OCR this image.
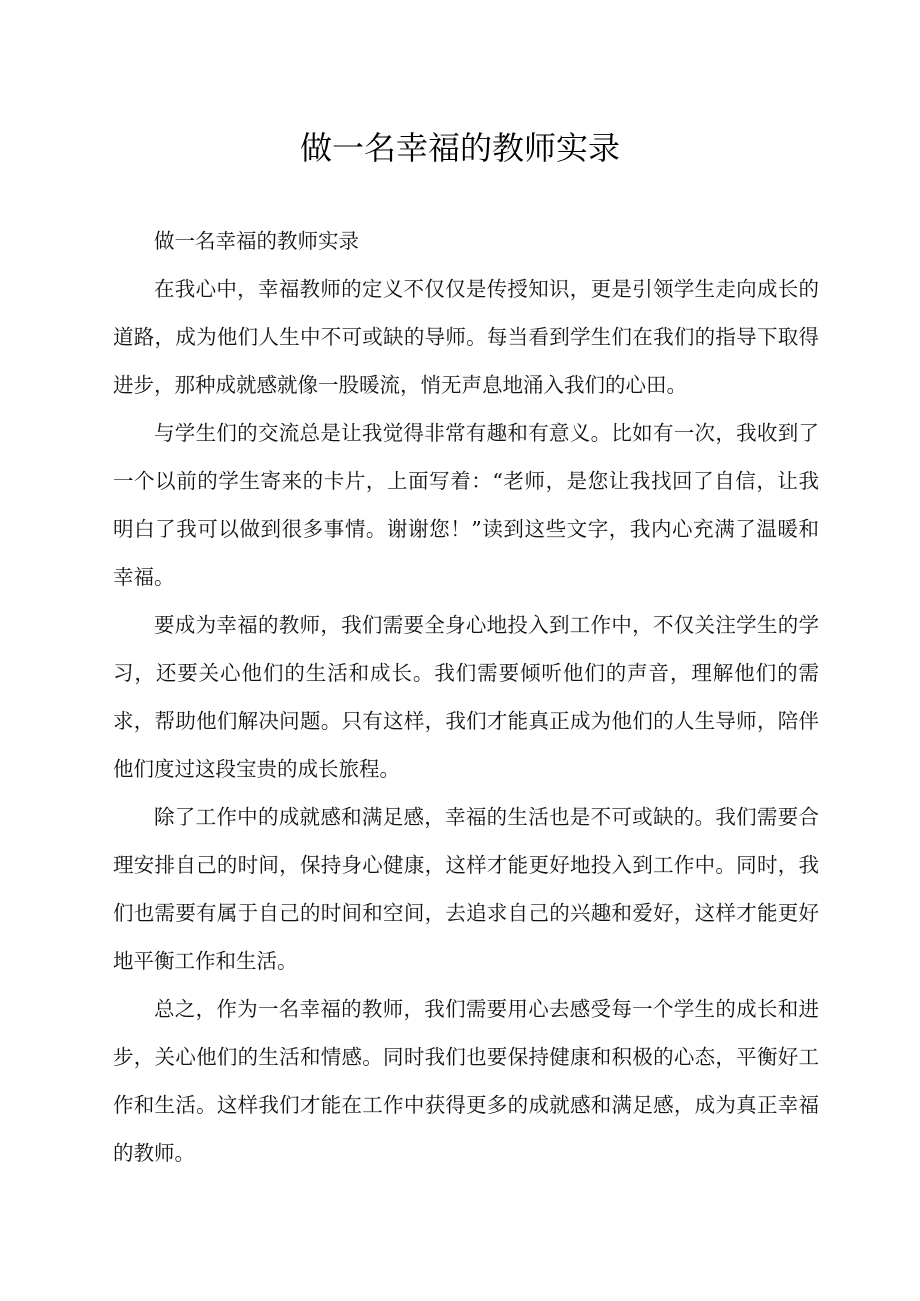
做一名幸福的教师实录

做一名幸福的教师实录

在我心中，幸福教师的定义不仅仅是传授知识，更是引领学生走向成长的道路，成为他们人生中不可或缺的导师。每当看到学生们在我们的指导下取得进步，那种成就感就像一股暖流，悄无声息地涌入我们的心田。

与学生们的交流总是让我觉得非常有趣和有意义。比如有一次，我收到了一个以前的学生寄来的卡片，上面写着：“老师，是您让我找回了自信，让我明白了我可以做到很多事情。谢谢您！”读到这些文字，我内心充满了温暖和幸福。

要成为幸福的教师，我们需要全身心地投入到工作中，不仅关注学生的学习，还要关心他们的生活和成长。我们需要倾听他们的声音，理解他们的需求，帮助他们解决问题。只有这样，我们才能真正成为他们的人生导师，陪伴他们度过这段宝贵的成长旅程。

除了工作中的成就感和满足感，幸福的生活也是不可或缺的。我们需要合理安排自己的时间，保持身心健康，这样才能更好地投入到工作中。同时，我们也需要有属于自己的时间和空间，去追求自己的兴趣和爱好，这样才能更好地平衡工作和生活。

总之，作为一名幸福的教师，我们需要用心去感受每一个学生的成长和进步，关心他们的生活和情感。同时我们也要保持健康和积极的心态，平衡好工作和生活。这样我们才能在工作中获得更多的成就感和满足感，成为真正幸福的教师。
